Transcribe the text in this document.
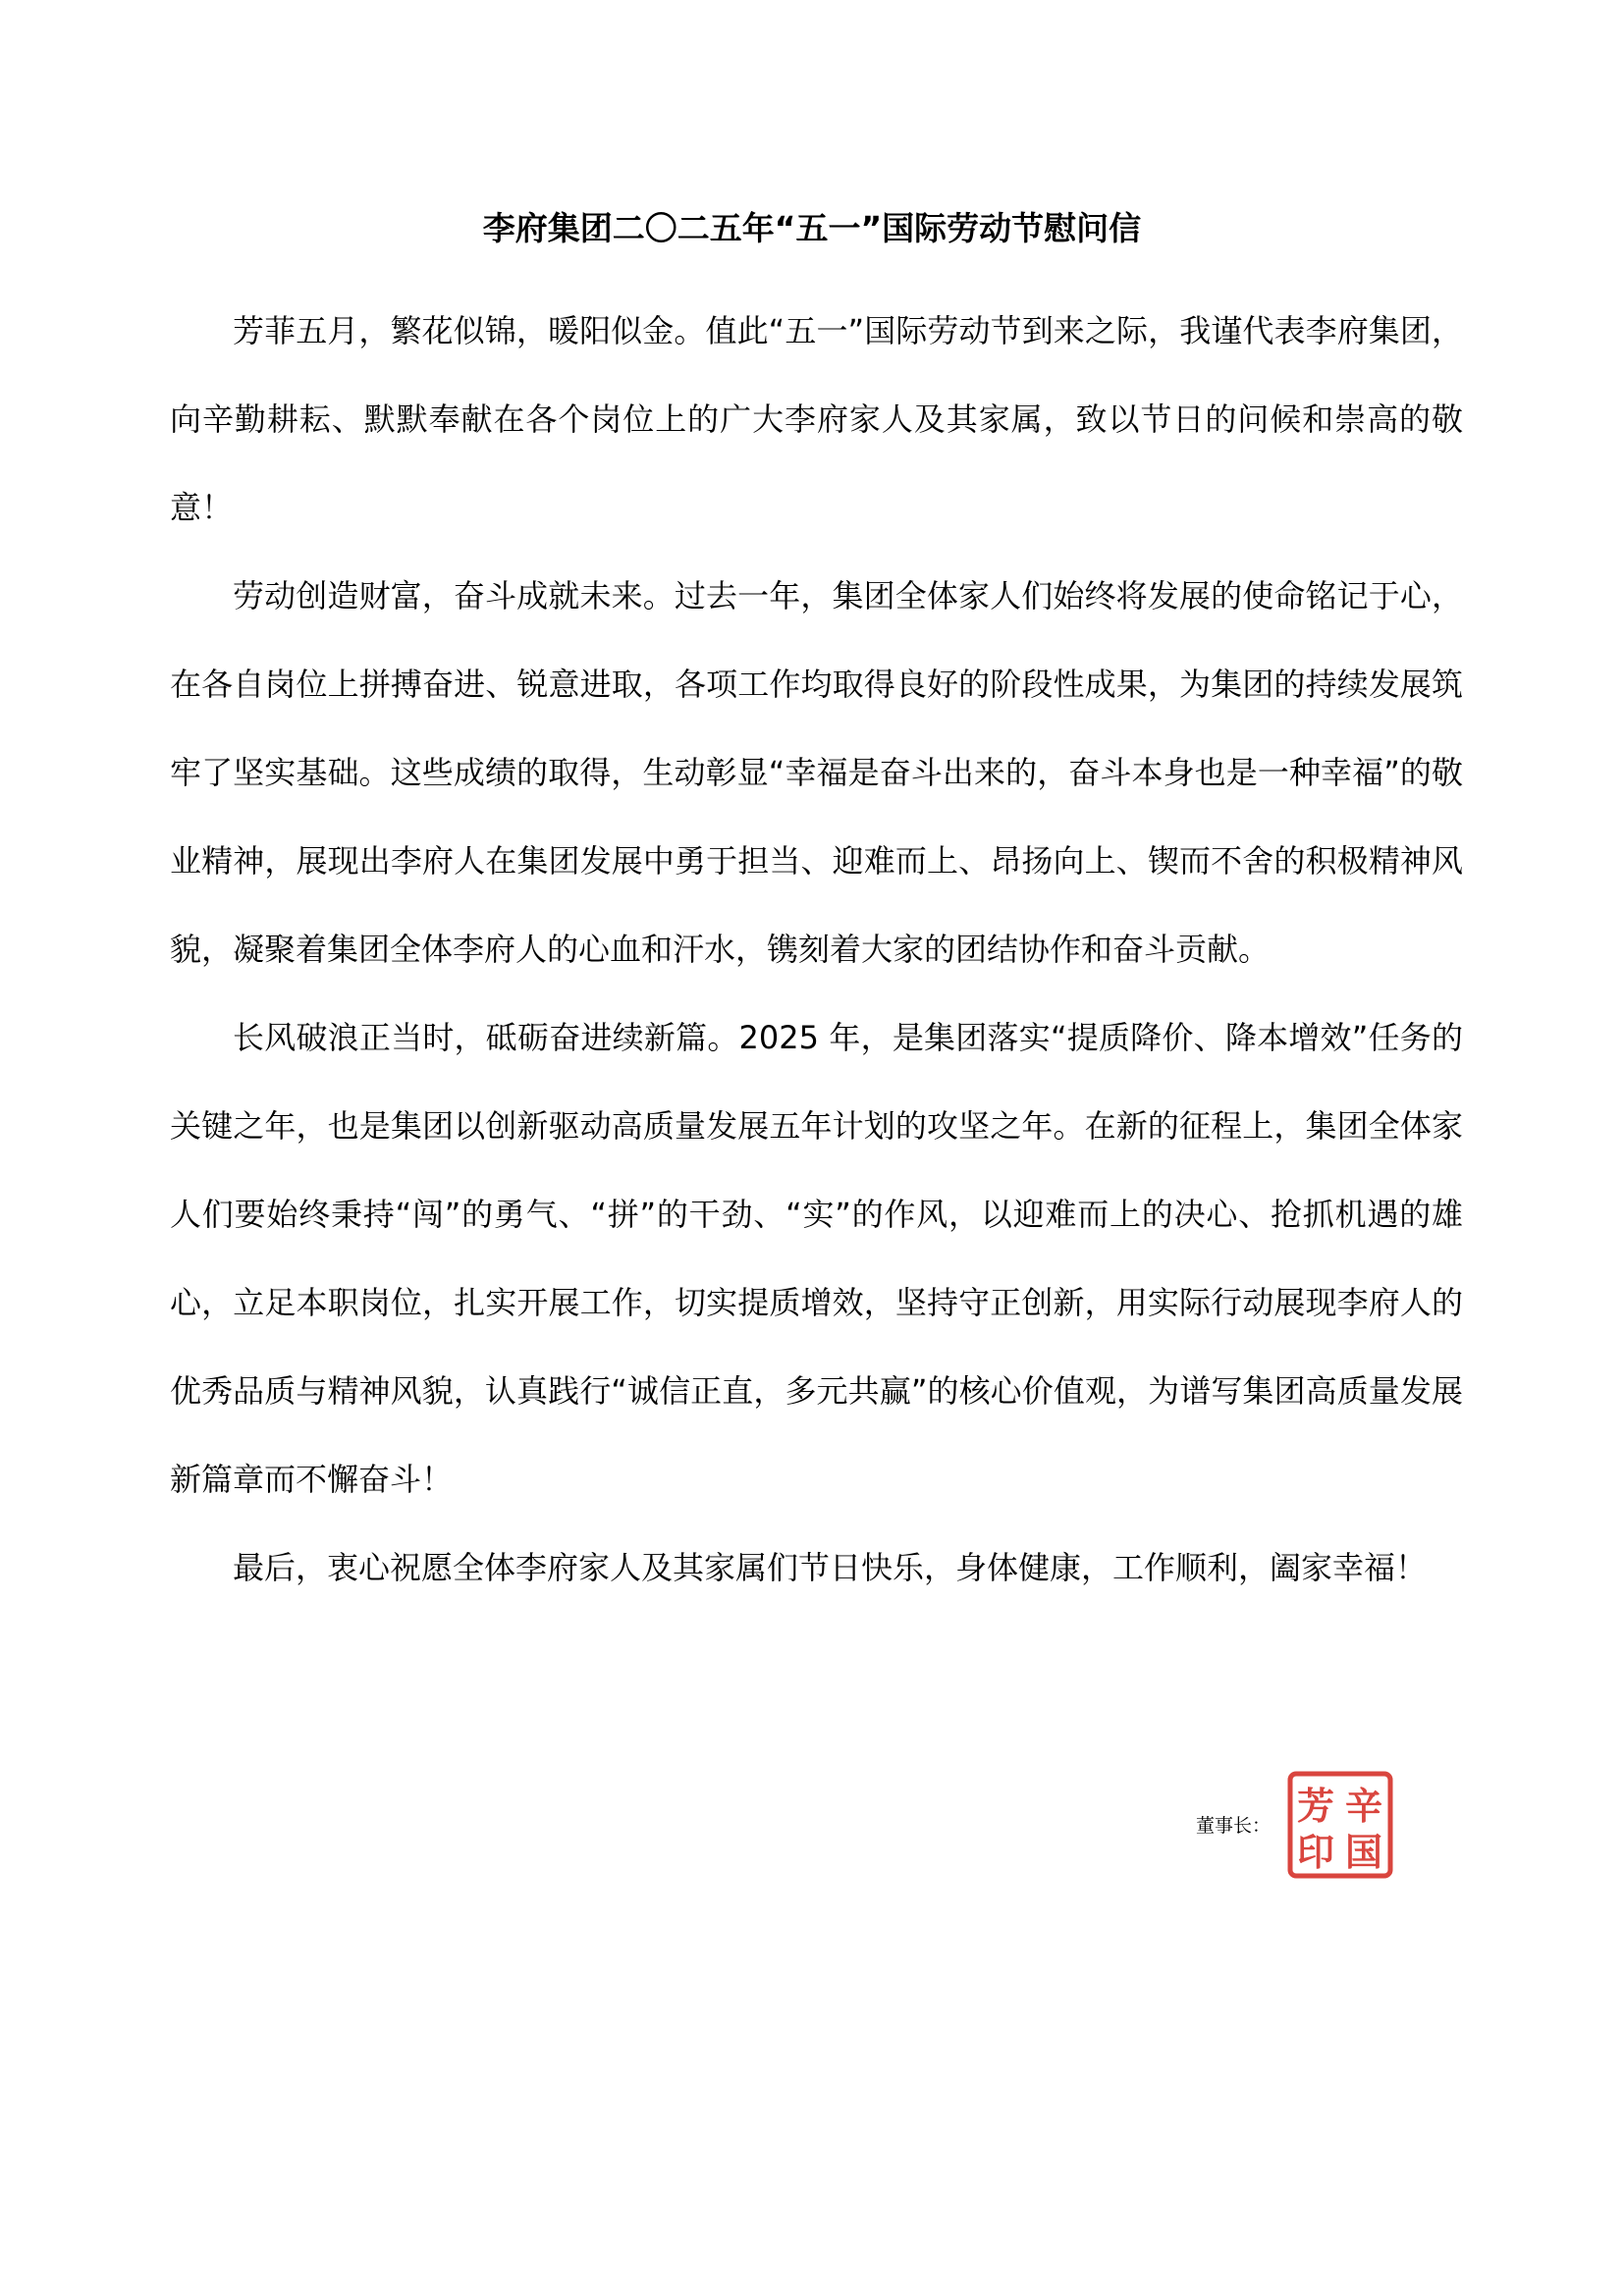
李府集团二〇二五年“五一”国际劳动节慰问信

芳菲五月，繁花似锦，暖阳似金。值此“五一”国际劳动节到来之际，我谨代表李府集团，向辛勤耕耘、默默奉献在各个岗位上的广大李府家人及其家属，致以节日的问候和崇高的敬意！

劳动创造财富，奋斗成就未来。过去一年，集团全体家人们始终将发展的使命铭记于心，在各自岗位上拼搏奋进、锐意进取，各项工作均取得良好的阶段性成果，为集团的持续发展筑牢了坚实基础。这些成绩的取得，生动彰显“幸福是奋斗出来的，奋斗本身也是一种幸福”的敬业精神，展现出李府人在集团发展中勇于担当、迎难而上、昂扬向上、锲而不舍的积极精神风貌，凝聚着集团全体李府人的心血和汗水，镌刻着大家的团结协作和奋斗贡献。

长风破浪正当时，砥砺奋进续新篇。2025 年，是集团落实“提质降价、降本增效”任务的关键之年，也是集团以创新驱动高质量发展五年计划的攻坚之年。在新的征程上，集团全体家人们要始终秉持“闯”的勇气、“拼”的干劲、“实”的作风，以迎难而上的决心、抢抓机遇的雄心，立足本职岗位，扎实开展工作，切实提质增效，坚持守正创新，用实际行动展现李府人的优秀品质与精神风貌，认真践行“诚信正直，多元共赢”的核心价值观，为谱写集团高质量发展新篇章而不懈奋斗！

最后，衷心祝愿全体李府家人及其家属们节日快乐，身体健康，工作顺利，阖家幸福！

董事长： 芳 辛
印 国
